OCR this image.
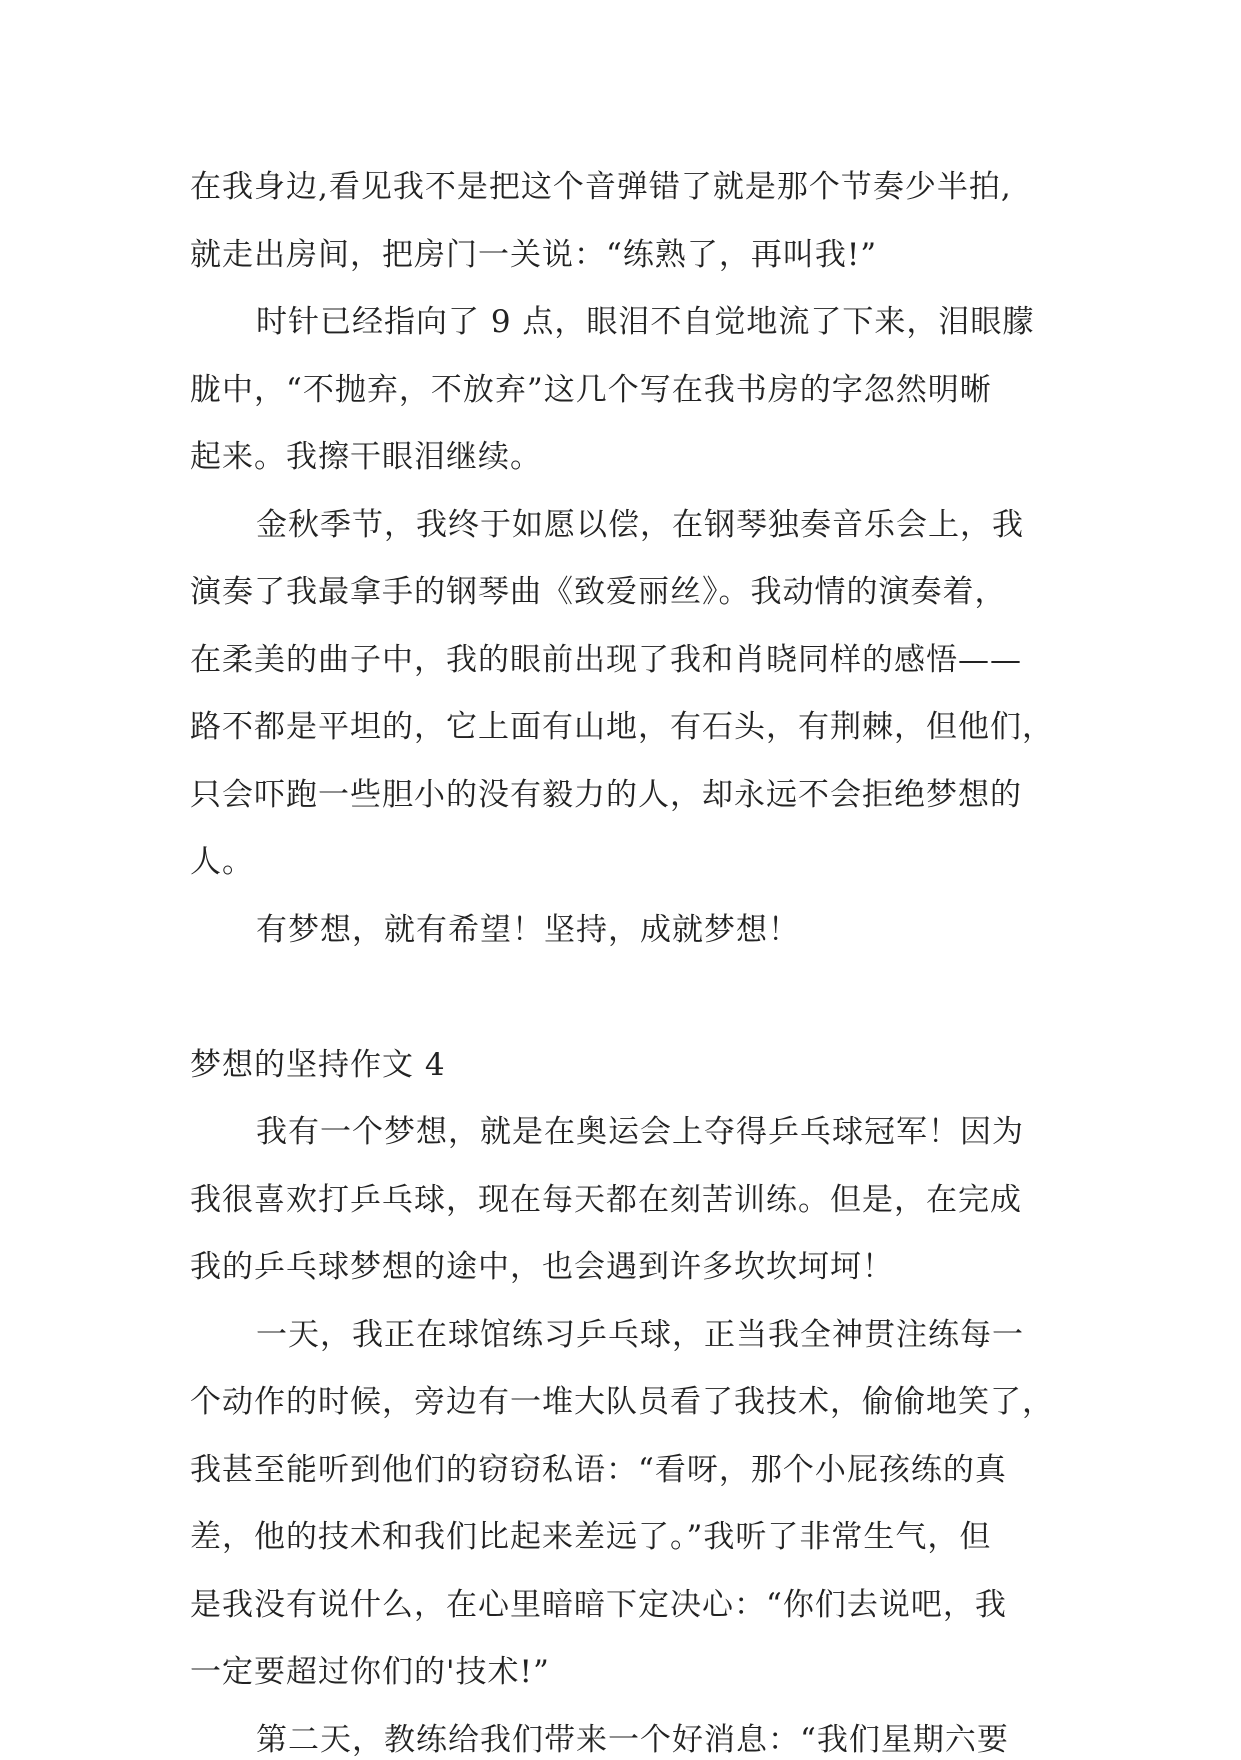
在我身边,看见我不是把这个音弹错了就是那个节奏少半拍,
就走出房间，把房门一关说：“练熟了，再叫我!”
时针已经指向了 9 点，眼泪不自觉地流了下来，泪眼朦
胧中，“不抛弃，不放弃”这几个写在我书房的字忽然明晰
起来。我擦干眼泪继续。
金秋季节，我终于如愿以偿，在钢琴独奏音乐会上，我
演奏了我最拿手的钢琴曲《致爱丽丝》。我动情的演奏着，
在柔美的曲子中，我的眼前出现了我和肖晓同样的感悟——
路不都是平坦的，它上面有山地，有石头，有荆棘，但他们，
只会吓跑一些胆小的没有毅力的人，却永远不会拒绝梦想的
人。
有梦想，就有希望！坚持，成就梦想！
梦想的坚持作文 4
我有一个梦想，就是在奥运会上夺得乒乓球冠军！因为
我很喜欢打乒乓球，现在每天都在刻苦训练。但是，在完成
我的乒乓球梦想的途中，也会遇到许多坎坎坷坷！
一天，我正在球馆练习乒乓球，正当我全神贯注练每一
个动作的时候，旁边有一堆大队员看了我技术，偷偷地笑了，
我甚至能听到他们的窃窃私语：“看呀，那个小屁孩练的真
差，他的技术和我们比起来差远了。”我听了非常生气，但
是我没有说什么，在心里暗暗下定决心：“你们去说吧，我
一定要超过你们的'技术!”
第二天，教练给我们带来一个好消息：“我们星期六要
